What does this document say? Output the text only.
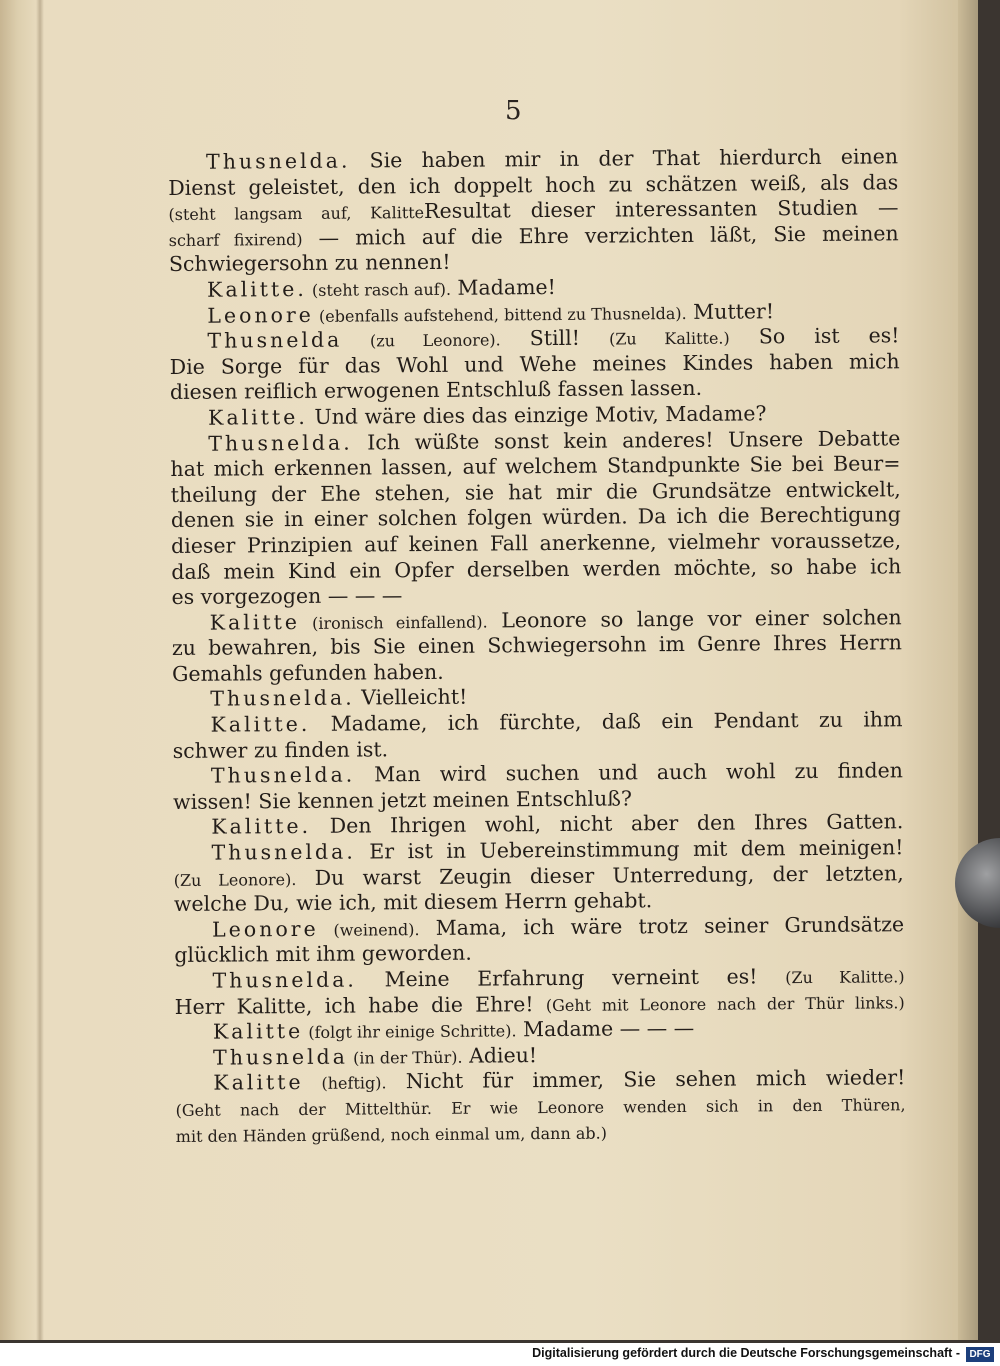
5
Thusnelda. Sie haben mir in der That hierdurch einen
Dienst geleistet, den ich doppelt hoch zu schätzen weiß, als das
(steht langsam auf, KalitteResultat dieser interessanten Studien —
scharf fixirend) — mich auf die Ehre verzichten läßt, Sie meinen
Schwiegersohn zu nennen!
Kalitte. (steht rasch auf). Madame!
Leonore (ebenfalls aufstehend, bittend zu Thusnelda). Mutter!
Thusnelda (zu Leonore). Still! (Zu Kalitte.) So ist es!
Die Sorge für das Wohl und Wehe meines Kindes haben mich
diesen reiflich erwogenen Entschluß fassen lassen.
Kalitte. Und wäre dies das einzige Motiv, Madame?
Thusnelda. Ich wüßte sonst kein anderes! Unsere Debatte
hat mich erkennen lassen, auf welchem Standpunkte Sie bei Beur=
theilung der Ehe stehen, sie hat mir die Grundsätze entwickelt,
denen sie in einer solchen folgen würden. Da ich die Berechtigung
dieser Prinzipien auf keinen Fall anerkenne, vielmehr voraussetze,
daß mein Kind ein Opfer derselben werden möchte, so habe ich
es vorgezogen — — —
Kalitte (ironisch einfallend). Leonore so lange vor einer solchen
zu bewahren, bis Sie einen Schwiegersohn im Genre Ihres Herrn
Gemahls gefunden haben.
Thusnelda. Vielleicht!
Kalitte. Madame, ich fürchte, daß ein Pendant zu ihm
schwer zu finden ist.
Thusnelda. Man wird suchen und auch wohl zu finden
wissen! Sie kennen jetzt meinen Entschluß?
Kalitte. Den Ihrigen wohl, nicht aber den Ihres Gatten.
Thusnelda. Er ist in Uebereinstimmung mit dem meinigen!
(Zu Leonore). Du warst Zeugin dieser Unterredung, der letzten,
welche Du, wie ich, mit diesem Herrn gehabt.
Leonore (weinend). Mama, ich wäre trotz seiner Grundsätze
glücklich mit ihm geworden.
Thusnelda. Meine Erfahrung verneint es! (Zu Kalitte.)
Herr Kalitte, ich habe die Ehre! (Geht mit Leonore nach der Thür links.)
Kalitte (folgt ihr einige Schritte). Madame — — —
Thusnelda (in der Thür). Adieu!
Kalitte (heftig). Nicht für immer, Sie sehen mich wieder!
(Geht nach der Mittelthür. Er wie Leonore wenden sich in den Thüren,
mit den Händen grüßend, noch einmal um, dann ab.)
Digitalisierung gefördert durch die Deutsche Forschungsgemeinschaft - DFG
